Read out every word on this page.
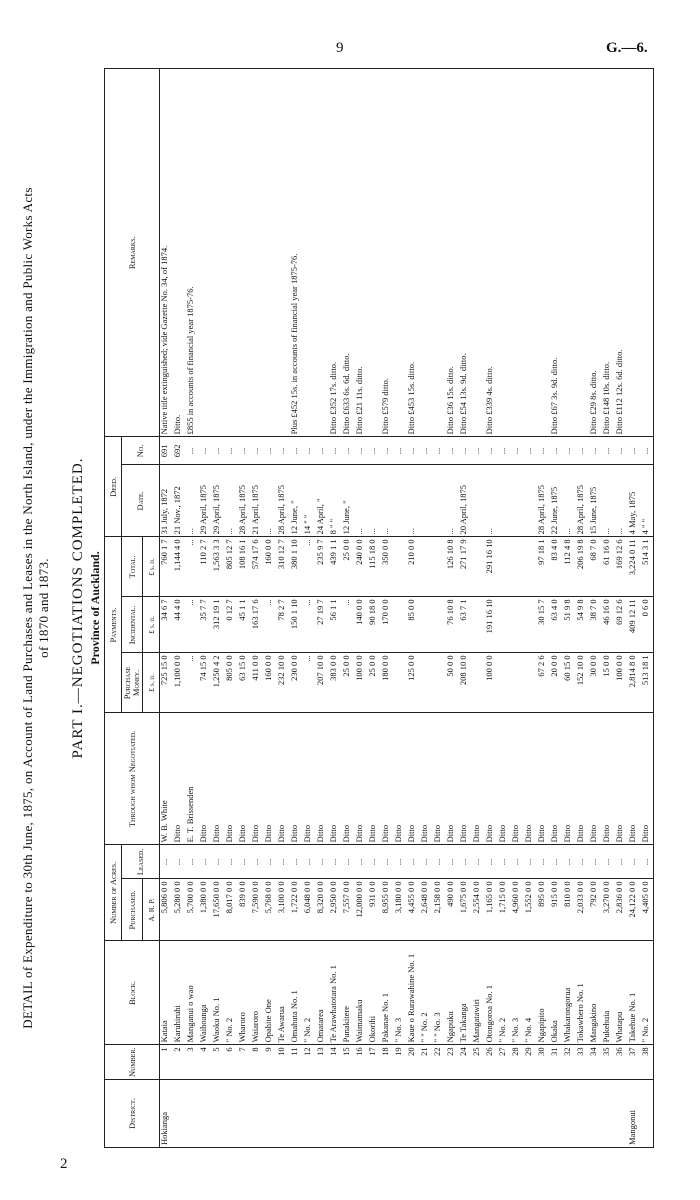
9	G.—6.
2
DETAIL of Expenditure to 30th June, 1875, on Account of Land Purchases and Leases in the North Island, under the Immigration and Public Works Acts of 1870 and 1873. PART I.—NEGOTIATIONS COMPLETED. Province of Auckland.
District.	Number.	Block.	Number of Acres.		Through whom Negotiated.	Payments.			Deed.		Remarks.
			Purchased.	Leased.		Purchase Money.	Incidental.	Total.	Date.	No.	
			A. R. P.			£ s. d.	£ s. d.	£ s. d.			
Hokianga	1	Kataia	5,806 0 0	...	W. B. White	725 15 0	34 6 7	760 1 7	31 July, 1872	691	Native title extinguished; vide Gazette No. 34, of 1874.
	2	Karuhiruhi	5,280 0 0	...	Ditto	1,100 0 0	44 4 0	1,144 4 0	21 Nov., 1872	692	Ditto.
	3	Manganui o wao	5,700 0 0	...	E. T. Brissenden	...	...	...	...	...	£855 in accounts of financial year 1875-76.
	4	Waihoanga	1,380 0 0	...	Ditto	74 15 0	35 7 7	110 2 7	29 April, 1875	...	
	5	Waoku No. 1	17,650 0 0	...	Ditto	1,250 4 2	312 19 1	1,563 3 3	29 April, 1875	...	
	6	" No. 2	8,017 0 0	...	Ditto	805 0 0	0 12 7	805 12 7	...	...	
	7	Wharoro	839 0 0	...	Ditto	63 15 0	45 1 1	108 16 1	28 April, 1875	...	
	8	Waiaroro	7,590 0 0	...	Ditto	411 0 0	163 17 6	574 17 6	21 April, 1875	...	
	9	Opahite One	5,768 0 0	...	Ditto	160 0 0	...	160 0 0	...	...	
	10	Te Awarua	3,100 0 0	...	Ditto	232 10 0	78 2 7	310 12 7	28 April, 1875	...	
	11	Omahuta No. 1	1,722 0 0	...	Ditto	230 0 0	150 1 10	380 1 10	12 June, "	...	Plus £452 15s. in accounts of financial year 1875-76.
	12	" No. 2	6,048 0 0	...	Ditto	...	...	...	14 " "	...	
	13	Omatarea	8,320 0 0	...	Ditto	207 10 0	27 19 7	235 9 7	24 April, "	...	
	14	Te Arawhatotara No. 1	2,950 0 0	...	Ditto	383 0 0	56 1 1	439 1 1	8 " "	...	Ditto £352 17s. ditto.
	15	Punakitere	7,557 0 0	...	Ditto	25 0 0	...	25 0 0	12 June, "	...	Ditto £633 6s. 6d. ditto.
	16	Waimamaku	12,000 0 0	...	Ditto	100 0 0	140 0 0	240 0 0	...	...	Ditto £21 11s. ditto.
	17	Okorihi	931 0 0	...	Ditto	25 0 0	90 18 0	115 18 0	...	...	
	18	Pakanae No. 1	8,955 0 0	...	Ditto	180 0 0	170 0 0	350 0 0	...	...	Ditto £579 ditto.
	19	" No. 3	3,180 0 0	...	Ditto					...	
	20	Kaue o Rurawahine No. 1	4,455 0 0	...	Ditto	125 0 0	85 0 0	210 0 0	...	...	Ditto £453 15s. ditto.
	21	" " No. 2	2,648 0 0	...	Ditto					...	
	22	" " No. 3	2,158 0 0	...	Ditto					...	
	23	Ngapuku	490 0 0	...	Ditto	50 0 0	76 10 8	126 10 8	...	...	Ditto £36 15s. ditto.
	24	Te Takanga	1,675 0 0	...	Ditto	208 10 0	63 7 1	271 17 9	20 April, 1875	...	Ditto £54 13s. 9d. ditto.
	25	Mangatawiri	2,554 0 0	...	Ditto					...	
	26	Otongoroa No. 1	1,165 0 0	...	Ditto	100 0 0	191 16 10	291 16 10	...	...	Ditto £339 4s. ditto.
	27	" No. 2	1,715 0 0	...	Ditto					...	
	28	" No. 3	4,960 0 0	...	Ditto					...	
	29	" No. 4	1,552 0 0	...	Ditto					...	
	30	Ngapipito	895 0 0	...	Ditto	67 2 6	30 15 7	97 18 1	28 April, 1875	...	
	31	Okaka	915 0 0	...	Ditto	20 0 0	63 4 0	83 4 0	22 June, 1875	...	Ditto £67 3s. 9d. ditto.
	32	Whakarongorua	810 0 0	...	Ditto	60 15 0	51 9 8	112 4 8	...	...	
	33	Tokawhero No. 1	2,033 0 0	...	Ditto	152 10 0	54 9 8	206 19 8	28 April, 1875	...	
	34	Mangakino	792 0 0	...	Ditto	30 0 0	38 7 0	68 7 0	15 June, 1875	...	Ditto £29 8s. ditto.
	35	Pukehuia	3,270 0 0	...	Ditto	15 0 0	46 16 0	61 16 0	...	...	Ditto £148 10s. ditto.
	36	Whatapu	2,836 0 0	...	Ditto	100 0 0	69 12 6	169 12 6	...	...	Ditto £112 12s. 6d. ditto.
Mangonui	37	Takehue No. 1	24,122 0 0	...	Ditto	2,814 8 0	409 12 11	3,224 0 11	4 May, 1875	...	
	38	" No. 2	4,405 0 0	...	Ditto	513 18 1	0 6 0	514 3 1	4 " "	...	
